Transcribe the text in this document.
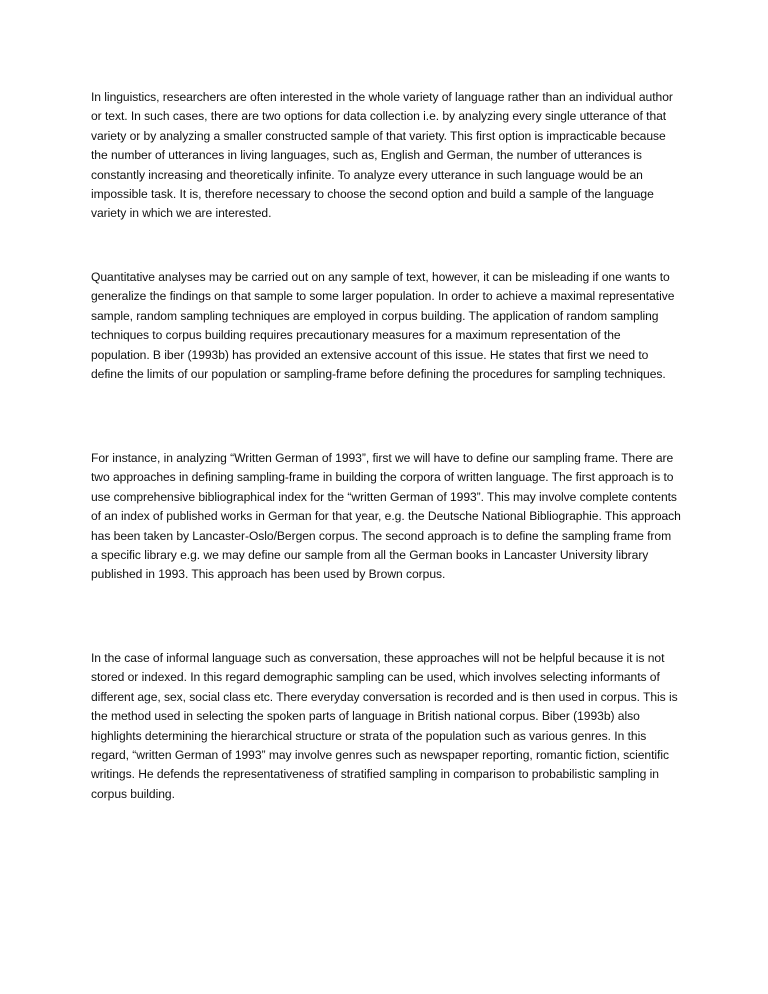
In linguistics, researchers are often interested in the whole variety of language rather than an individual author or text. In such cases, there are two options for data collection i.e. by analyzing every single utterance of that variety or by analyzing a smaller constructed sample of that variety. This first option is impracticable because the number of utterances in living languages, such as, English and German, the number of utterances is constantly increasing and theoretically infinite. To analyze every utterance in such language would be an impossible task. It is, therefore necessary to choose the second option and build a sample of the language variety in which we are interested.

Quantitative analyses may be carried out on any sample of text, however, it can be misleading if one wants to generalize the findings on that sample to some larger population. In order to achieve a maximal representative sample, random sampling techniques are employed in corpus building. The application of random sampling techniques to corpus building requires precautionary measures for a maximum representation of the population. B iber (1993b) has provided an extensive account of this issue. He states that first we need to define the limits of our population or sampling-frame before defining the procedures for sampling techniques.

For instance, in analyzing “Written German of 1993”, first we will have to define our sampling frame. There are two approaches in defining sampling-frame in building the corpora of written language. The first approach is to use comprehensive bibliographical index for the “written German of 1993”. This may involve complete contents of an index of published works in German for that year, e.g. the Deutsche National Bibliographie. This approach has been taken by Lancaster-Oslo/Bergen corpus. The second approach is to define the sampling frame from a specific library e.g. we may define our sample from all the German books in Lancaster University library published in 1993. This approach has been used by Brown corpus.

In the case of informal language such as conversation, these approaches will not be helpful because it is not stored or indexed. In this regard demographic sampling can be used, which involves selecting informants of different age, sex, social class etc. There everyday conversation is recorded and is then used in corpus. This is the method used in selecting the spoken parts of language in British national corpus. Biber (1993b) also highlights determining the hierarchical structure or strata of the population such as various genres. In this regard, “written German of 1993” may involve genres such as newspaper reporting, romantic fiction, scientific writings. He defends the representativeness of stratified sampling in comparison to probabilistic sampling in corpus building.
